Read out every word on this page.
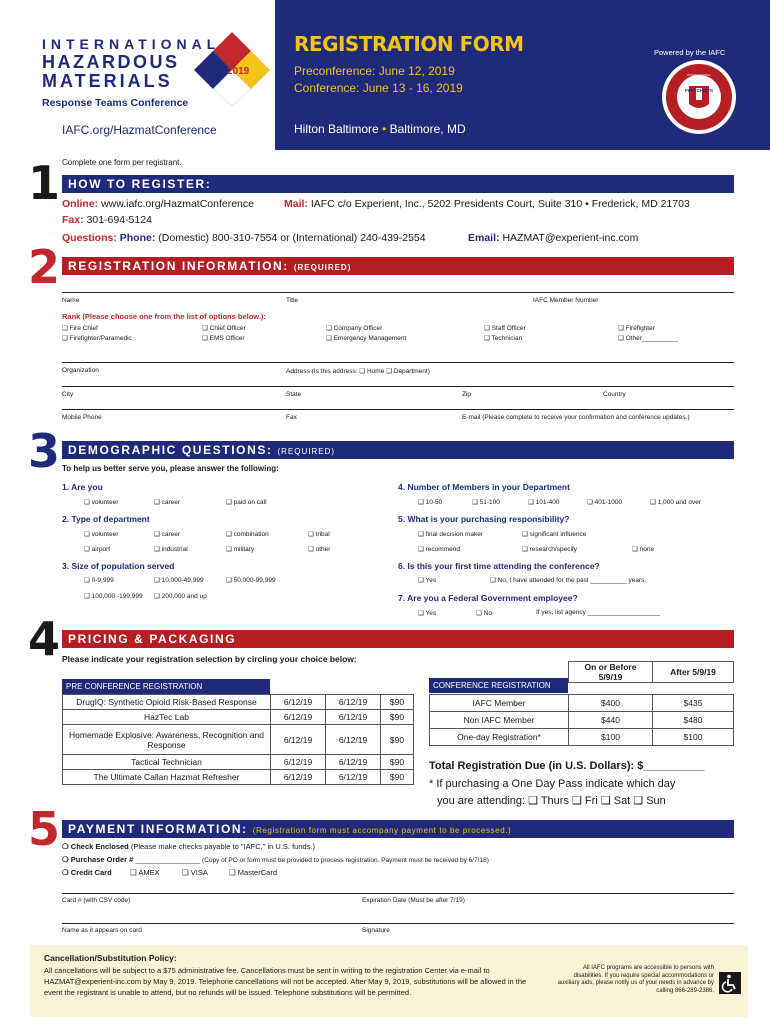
INTERNATIONAL
HAZARDOUS
MATERIALS
Response Teams Conference
2019
IAFC.org/HazmatConference
REGISTRATION FORM	Powered by the IAFC
Preconference: June 12, 2019
Conference: June 13 - 16, 2019
Hilton Baltimore • Baltimore, MD
INTERNATIONAL ASSOCIATION OF
FIRE CHIEFS
Complete one form per registrant.
1 HOW TO REGISTER:
Online: www.iafc.org/HazmatConference	Mail: IAFC c/o Experient, Inc., 5202 Presidents Court, Suite 310 • Frederick, MD 21703
Fax: 301-694-5124
Questions: Phone: (Domestic) 800-310-7554 or (International) 240-439-2554	Email: HAZMAT@experient-inc.com
2 REGISTRATION INFORMATION: (REQUIRED)
Name	Title	IAFC Member Number
Rank (Please choose one from the list of options below.):
❑ Fire Chief	❑ Chief Officer	❑ Company Officer	❑ Staff Officer	❑ Firefighter
❑ Firefighter/Paramedic	❑ EMS Officer	❑ Emergency Management	❑ Technician	❑ Other__________
Organization	Address (Is this address: ❑ Home ❑ Department)
City	State	Zip	Country
Mobile Phone	Fax	E-mail (Please complete to receive your confirmation and conference updates.)
3 DEMOGRAPHIC QUESTIONS: (REQUIRED)
To help us better serve you, please answer the following:
1. Are you
❑ volunteer	❑ career	❑ paid on call
2. Type of department
❑ volunteer	❑ career	❑ combination	❑ tribal
❑ airport	❑ industrial	❑ military	❑ other
3. Size of population served
❑ 0-9,999	❑ 10,000-49,999	❑ 50,000-99,999
❑ 100,000 -199,999 ❑ 200,000 and up
4. Number of Members in your Department
❑ 10-50	❑ 51-100	❑ 101-400	❑ 401-1000	❑ 1,000 and over
5. What is your purchasing responsibility?
❑ final decision maker	❑ significant influence
❑ recommend	❑ research/specify	❑ none
6. Is this your first time attending the conference?
❑ Yes	❑ No, I have attended for the past __________ years.
7. Are you a Federal Government employee?
❑ Yes	❑ No	If yes, list agency ____________________
4 PRICING & PACKAGING
Please indicate your registration selection by circling your choice below:
PRE CONFERENCE REGISTRATION
DrugIQ: Synthetic Opioid Risk-Based Response	6/12/19	6/12/19	$90
HazTec Lab	6/12/19	6/12/19	$90
Homemade Explosive: Awareness, Recognition and Response	6/12/19	6/12/19	$90
Tactical Technician	6/12/19	6/12/19	$90
The Ultimate Callan Hazmat Refresher	6/12/19	6/12/19	$90
On or Before 5/9/19	After 5/9/19
CONFERENCE REGISTRATION
IAFC Member	$400	$435
Non IAFC Member	$440	$480
One-day Registration*	$100	$100
Total Registration Due (in U.S. Dollars): $__________
* If purchasing a One Day Pass indicate which day
you are attending: ❑ Thurs ❑ Fri ❑ Sat ❑ Sun
5 PAYMENT INFORMATION: (Registration form must accompany payment to be processed.)
❍ Check Enclosed (Please make checks payable to "IAFC," in U.S. funds.)
❍ Purchase Order # __________________ (Copy of PO or form must be provided to process registration. Payment must be received by 6/7/18)
❍ Credit Card ❑ AMEX	❑ VISA	❑ MasterCard
Card # (with CSV code)	Expiration Date (Must be after 7/19)
Name as it appears on card	Signature
Cancellation/Substitution Policy:
All cancellations will be subject to a $75 administrative fee. Cancellations must be sent in writing to the registration Center via e-mail to HAZMAT@experient-inc.com by May 9, 2019. Telephone cancellations will not be accepted. After May 9, 2019, substitutions will be allowed in the event the registrant is unable to attend, but no refunds will be issued. Telephone substitutions will be permitted.
All IAFC programs are accessible to persons with disabilities. If you require special accommodations or auxiliary aids, please notify us of your needs in advance by calling 866-289-2386.
